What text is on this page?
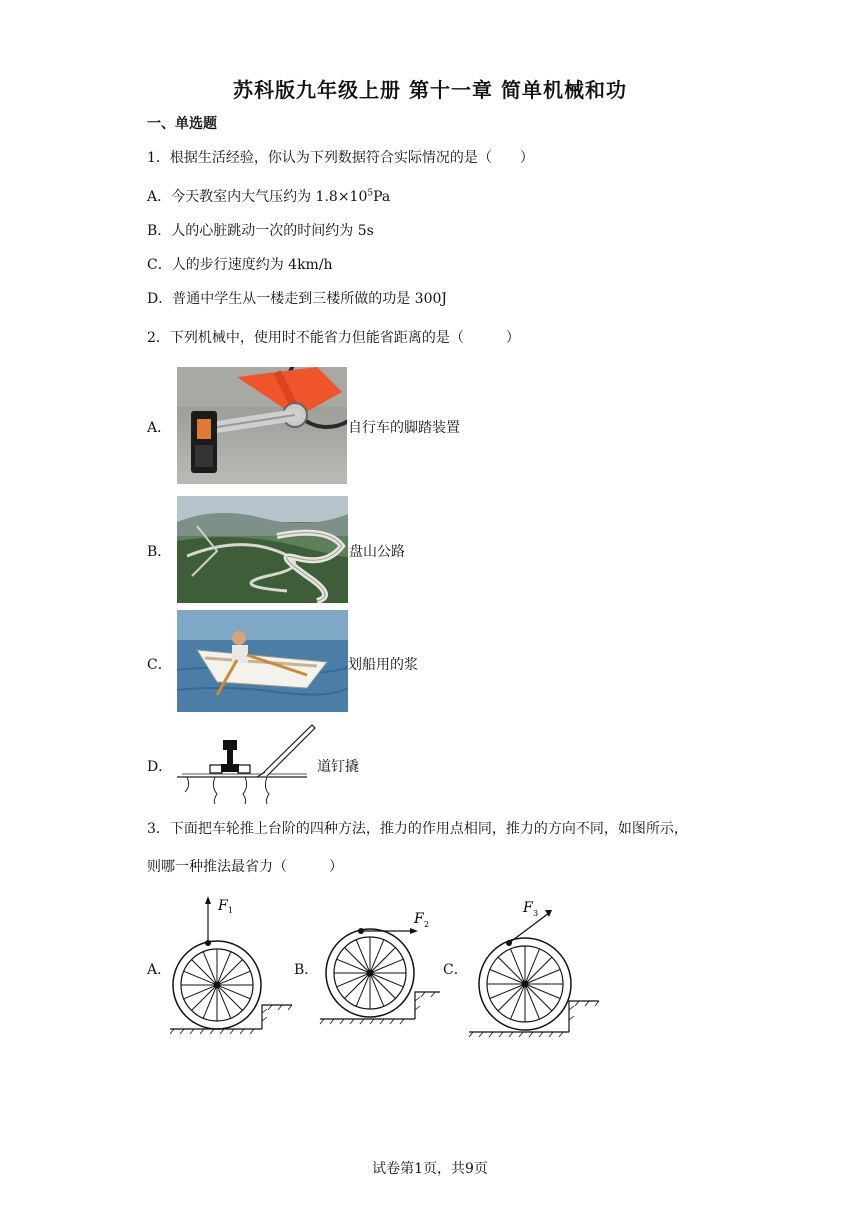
苏科版九年级上册 第十一章 简单机械和功
一、单选题
1．根据生活经验，你认为下列数据符合实际情况的是（　　）
A．今天教室内大气压约为 $1.8\times 10^5Pa$
B．人的心脏跳动一次的时间约为 5s
C．人的步行速度约为 4km/h
D．普通中学生从一楼走到三楼所做的功是 300J
2．下列机械中，使用时不能省力但能省距离的是（　　　）
A．	自行车的脚踏装置
B．	盘山公路
C．	划船用的浆
D．	道钉撬
3．下面把车轮推上台阶的四种方法，推力的作用点相同，推力的方向不同，如图所示，
则哪一种推法最省力（　　　）
A．
F 1
B．
F 2
C．
F 3
试卷第1页，共9页
